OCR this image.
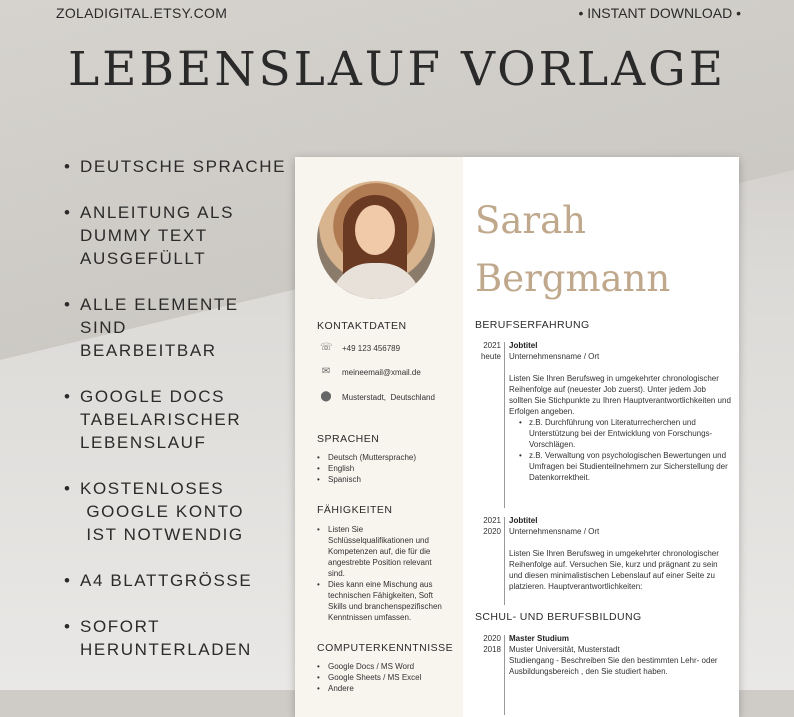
ZOLADIGITAL.ETSY.COM	• INSTANT DOWNLOAD •
LEBENSLAUF VORLAGE
• DEUTSCHE SPRACHE
• ANLEITUNG ALS
DUMMY TEXT
AUSGEFÜLLT
• ALLE ELEMENTE SIND
BEARBEITBAR
• GOOGLE DOCS
TABELARISCHER
LEBENSLAUF
• KOSTENLOSES
GOOGLE KONTO
IST NOTWENDIG
• A4 BLATTGRÖSSE
• SOFORT
HERUNTERLADEN
KONTAKTDATEN
☏ +49 123 456789
✉ meineemail@xmail.de
⬤ Musterstadt,  Deutschland
SPRACHEN
• Deutsch (Muttersprache)
• English
• Spanisch
FÄHIGKEITEN
• Listen Sie Schlüsselqualifikationen und Kompetenzen auf, die für die angestrebte Position relevant sind.
• Dies kann eine Mischung aus technischen Fähigkeiten, Soft Skills und branchenspezifischen Kenntnissen umfassen.
COMPUTERKENNTNISSE
• Google Docs / MS Word
• Google Sheets / MS Excel
• Andere
Sarah
Bergmann
BERUFSERFAHRUNG
2021
heute
Jobtitel
Unternehmensname / Ort
Listen Sie Ihren Berufsweg in umgekehrter chronologischer Reihenfolge auf (neuester Job zuerst). Unter jedem Job sollten Sie Stichpunkte zu Ihren Hauptverantwortlichkeiten und Erfolgen angeben.
• z.B. Durchführung von Literaturrecherchen und Unterstützung bei der Entwicklung von Forschungs-Vorschlägen.
• z.B. Verwaltung von psychologischen Bewertungen und Umfragen bei Studienteilnehmern zur Sicherstellung der Datenkorrektheit.
2021
2020
Jobtitel
Unternehmensname / Ort
Listen Sie Ihren Berufsweg in umgekehrter chronologischer Reihenfolge auf. Versuchen Sie, kurz und prägnant zu sein und diesen minimalistischen Lebenslauf auf einer Seite zu platzieren. Hauptverantwortlichkeiten:
SCHUL- UND BERUFSBILDUNG
2020
2018
Master Studium
Muster Universität, Musterstadt
Studiengang - Beschreiben Sie den bestimmten Lehr- oder Ausbildungsbereich , den Sie studiert haben.
